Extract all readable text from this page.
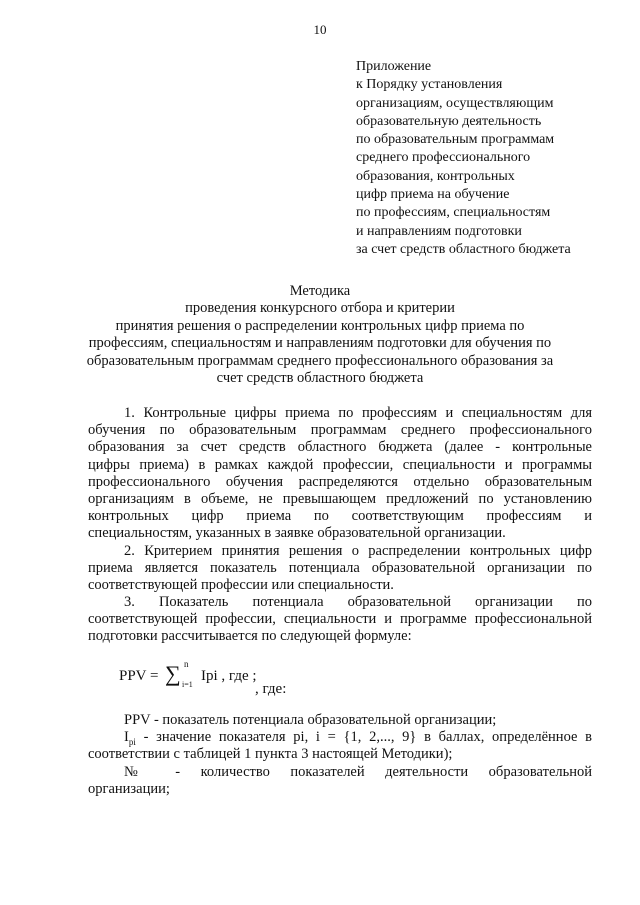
10
Приложение
к Порядку установления
организациям, осуществляющим
образовательную деятельность
по образовательным программам
среднего профессионального
образования, контрольных
цифр приема на обучение
по профессиям, специальностям
и направлениям подготовки
за счет средств областного бюджета
Методика
проведения конкурсного отбора и критерии
принятия решения о распределении контрольных цифр приема по
профессиям, специальностям и направлениям подготовки для обучения по
образовательным программам среднего профессионального образования за
счет средств областного бюджета
1. Контрольные цифры приема по профессиям и специальностям для
обучения по образовательным программам среднего профессионального
образования за счет средств областного бюджета (далее - контрольные
цифры приема) в рамках каждой профессии, специальности и программы
профессионального обучения распределяются отдельно образовательным
организациям в объеме, не превышающем предложений по установлению
контрольных цифр приема по соответствующим профессиям и
специальностям, указанных в заявке образовательной организации.
2. Критерием принятия решения о распределении контрольных цифр
приема является показатель потенциала образовательной организации по
соответствующей профессии или специальности.
3. Показатель потенциала образовательной организации по
соответствующей профессии, специальности и программе профессиональной
подготовки рассчитывается по следующей формуле:
PPV = ∑ n
i=1
Ipi , где ;
, где:
PPV - показатель потенциала образовательной организации;
$I_{pi}$ - значение показателя pi, i = {1, 2,..., 9} в баллах, определённое в
соответствии с таблицей 1 пункта 3 настоящей Методики);
№ - количество показателей деятельности образовательной
организации;
